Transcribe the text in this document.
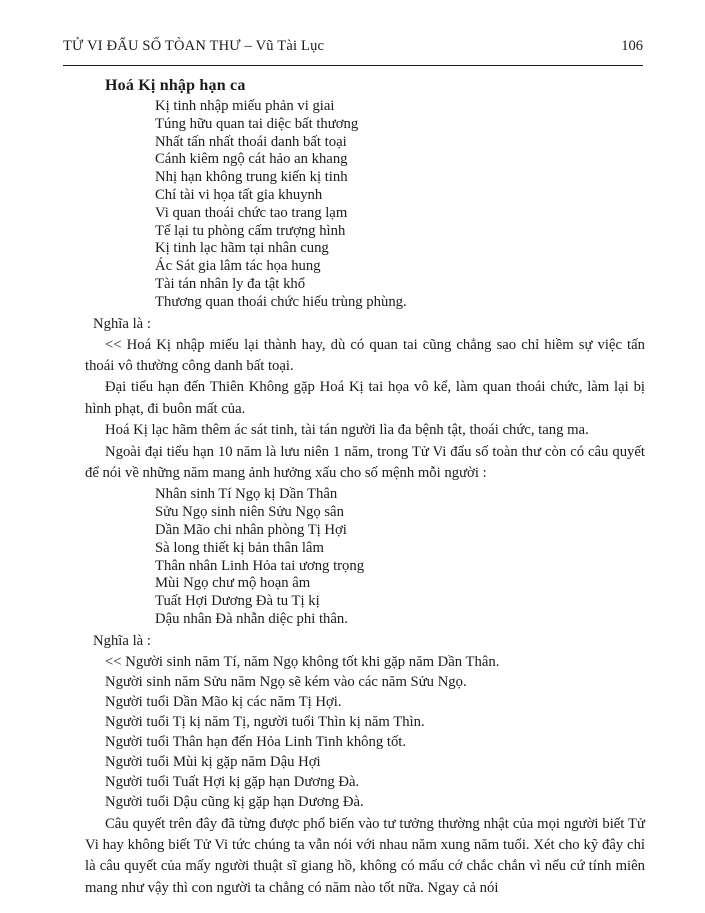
TỬ VI ĐẨU SỐ TÒAN THƯ – Vũ Tài Lục	106
Hoá Kị nhập hạn ca
Kị tinh nhập miếu phản vi giai
Túng hữu quan tai diệc bất thương
Nhất tấn nhất thoái danh bất toại
Cánh kiêm ngộ cát hảo an khang
Nhị hạn không trung kiến kị tinh
Chí tài vi họa tất gia khuynh
Vi quan thoái chức tao trang lạm
Tể lại tu phòng cấm trượng hình
Kị tinh lạc hãm tại nhân cung
Ác Sát gia lâm tác họa hung
Tài tán nhân ly đa tật khổ
Thương quan thoái chức hiếu trùng phùng.
Nghĩa là :

<< Hoá Kị nhập miếu lại thành hay, dù có quan tai cũng chẳng sao chỉ hiềm sự việc tấn thoái vô thường công danh bất toại.

Đại tiểu hạn đến Thiên Không gặp Hoá Kị tai họa vô kể, làm quan thoái chức, làm lại bị hình phạt, đi buôn mất của.

Hoá Kị lạc hãm thêm ác sát tinh, tài tán người lìa đa bệnh tật, thoái chức, tang ma.

Ngoài đại tiểu hạn 10 năm là lưu niên 1 năm, trong Tử Vi đẩu số toàn thư còn có câu quyết để nói về những năm mang ảnh hưởng xấu cho số mệnh mỗi người :

Nhân sinh Tí Ngọ kị Dần Thân
Sửu Ngọ sinh niên Sửu Ngọ sân
Dần Mão chi nhân phòng Tị Hợi
Sà long thiết kị bản thân lâm
Thân nhân Linh Hỏa tai ương trọng
Mùi Ngọ chư mộ hoạn âm
Tuất Hợi Dương Đà tu Tị kị
Dậu nhân Đà nhẫn diệc phi thân.
Nghĩa là :
<< Người sinh năm Tí, năm Ngọ không tốt khi gặp năm Dần Thân.
Người sinh năm Sửu năm Ngọ sẽ kém vào các năm Sửu Ngọ.
Người tuổi Dần Mão kị các năm Tị Hợi.
Người tuổi Tị kị năm Tị, người tuổi Thìn kị năm Thìn.
Người tuổi Thân hạn đến Hỏa Linh Tinh không tốt.
Người tuổi Mùi kị gặp năm Dậu Hợi
Người tuổi Tuất Hợi kị gặp hạn Dương Đà.
Người tuổi Dậu cũng kị gặp hạn Dương Đà.

Câu quyết trên đây đã từng được phổ biến vào tư tưởng thường nhật của mọi người biết Tử Vi hay không biết Tử Vi tức chúng ta vẫn nói với nhau năm xung năm tuổi. Xét cho kỹ đây chỉ là câu quyết của mấy người thuật sĩ giang hồ, không có mấu cớ chắc chắn vì nếu cứ tính miên mang như vậy thì con người ta chẳng có năm nào tốt nữa. Ngay cả nói
